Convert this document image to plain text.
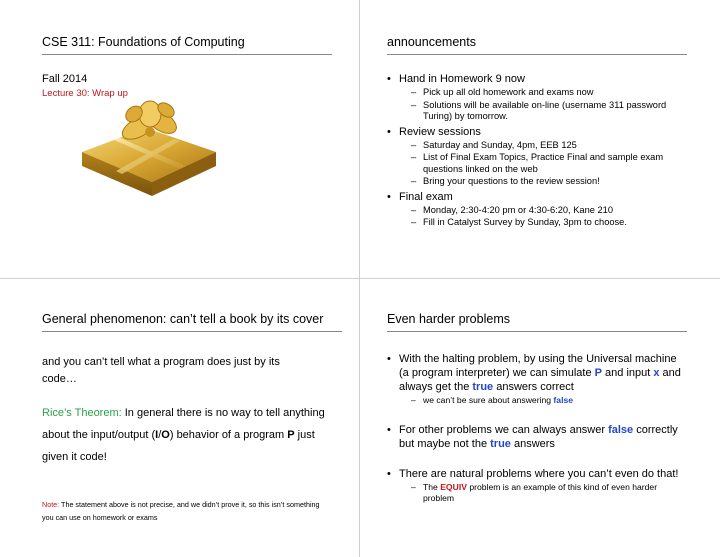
CSE 311: Foundations of Computing
Fall 2014
Lecture 30: Wrap up
announcements
• Hand in Homework 9 now
– Pick up all old homework and exams now
– Solutions will be available on-line (username 311 password Turing) by tomorrow.
• Review sessions
– Saturday and Sunday, 4pm, EEB 125
– List of Final Exam Topics, Practice Final and sample exam questions linked on the web
– Bring your questions to the review session!
• Final exam
– Monday, 2:30-4:20 pm or 4:30-6:20, Kane 210
– Fill in Catalyst Survey by Sunday, 3pm to choose.
General phenomenon: can’t tell a book by its cover
and you can’t tell what a program does just by its code…
Rice’s Theorem: In general there is no way to tell anything about the input/output (I/O) behavior of a program P just given it code!
Note: The statement above is not precise, and we didn’t prove it, so this isn’t something you can use on homework or exams
Even harder problems
• With the halting problem, by using the Universal machine (a program interpreter) we can simulate P and input x and always get the true answers correct
– we can’t be sure about answering false
• For other problems we can always answer false correctly but maybe not the true answers
• There are natural problems where you can’t even do that!
– The EQUIV problem is an example of this kind of even harder problem
